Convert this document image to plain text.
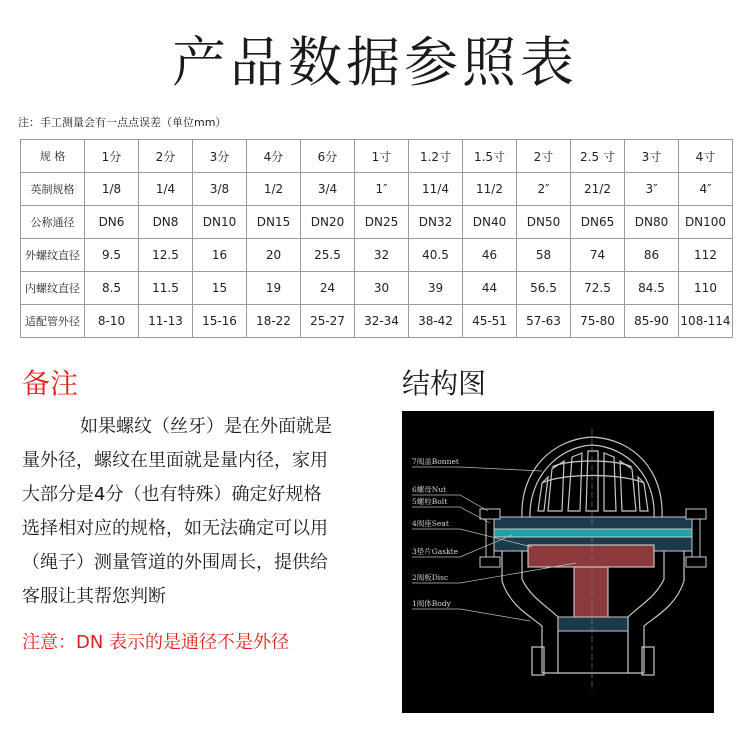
产品数据参照表
注：手工测量会有一点点误差（单位mm）
规 格	1分	2分	3分	4分	6分	1寸	1.2寸	1.5寸	2寸	2.5 寸	3寸	4寸
英制规格	1/8	1/4	3/8	1/2	3/4	1″	11/4	11/2	2″	21/2	3″	4″
公称通径	DN6	DN8	DN10	DN15	DN20	DN25	DN32	DN40	DN50	DN65	DN80	DN100
外螺纹直径	9.5	12.5	16	20	25.5	32	40.5	46	58	74	86	112
内螺纹直径	8.5	11.5	15	19	24	30	39	44	56.5	72.5	84.5	110
适配管外径	8-10	11-13	15-16	18-22	25-27	32-34	38-42	45-51	57-63	75-80	85-90	108-114
备注
如果螺纹（丝牙）是在外面就是
量外径，螺纹在里面就是量内径，家用
大部分是4分（也有特殊）确定好规格
选择相对应的规格，如无法确定可以用
（绳子）测量管道的外围周长，提供给
客服让其帮您判断
注意：DN 表示的是通径不是外径
结构图
7阀盖Bonnet
6螺母Nut
5螺栓Bolt
4阀座Seat
3垫片Gaskte
2阀板Disc
1阀体Body
